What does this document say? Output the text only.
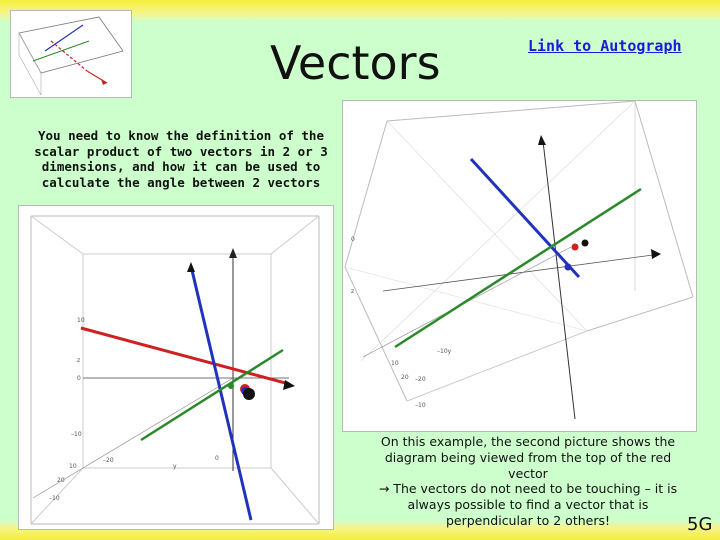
Vectors	Link to Autograph
You need to know the definition of the scalar product of two vectors in 2 or 3 dimensions, and how it can be used to calculate the angle between 2 vectors
10
z
0
–10
10
20
–10
–20
y
0
0
z
10
20 –20
–10
–10y
On this example, the second picture shows the
diagram being viewed from the top of the red
vector
→ The vectors do not need to be touching – it is
always possible to find a vector that is
perpendicular to 2 others!	5G
